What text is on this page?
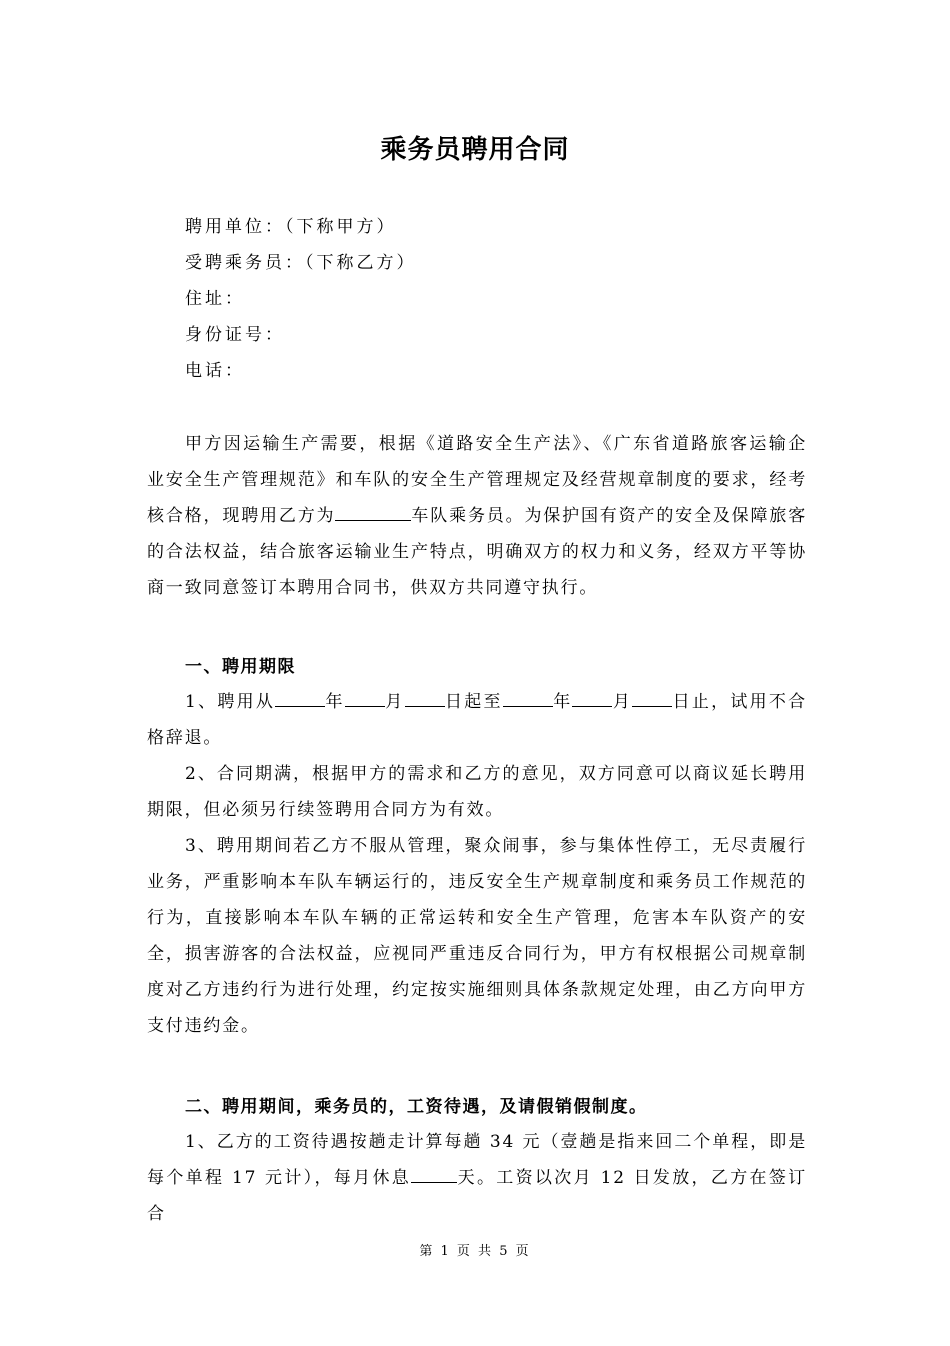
乘务员聘用合同
聘用单位：（下称甲方）
受聘乘务员：（下称乙方）
住址：
身份证号：
电话：

甲方因运输生产需要，根据《道路安全生产法》、《广东省道路旅客运输企业安全生产管理规范》和车队的安全生产管理规定及经营规章制度的要求，经考核合格，现聘用乙方为	车队乘务员。为保护国有资产的安全及保障旅客的合法权益，结合旅客运输业生产特点，明确双方的权力和义务，经双方平等协商一致同意签订本聘用合同书，供双方共同遵守执行。

一、聘用期限

1、聘用从	年 月 日起至	年 月 日止，试用不合格辞退。

2、合同期满，根据甲方的需求和乙方的意见，双方同意可以商议延长聘用期限，但必须另行续签聘用合同方为有效。

3、聘用期间若乙方不服从管理，聚众闹事，参与集体性停工，无尽责履行业务，严重影响本车队车辆运行的，违反安全生产规章制度和乘务员工作规范的行为，直接影响本车队车辆的正常运转和安全生产管理，危害本车队资产的安全，损害游客的合法权益，应视同严重违反合同行为，甲方有权根据公司规章制度对乙方违约行为进行处理，约定按实施细则具体条款规定处理，由乙方向甲方支付违约金。

二、聘用期间，乘务员的，工资待遇，及请假销假制度。

1、乙方的工资待遇按趟走计算每趟 34 元（壹趟是指来回二个单程，即是每个单程 17 元计），每月休息	天。工资以次月 12 日发放，乙方在签订合

第 1 页 共 5 页
